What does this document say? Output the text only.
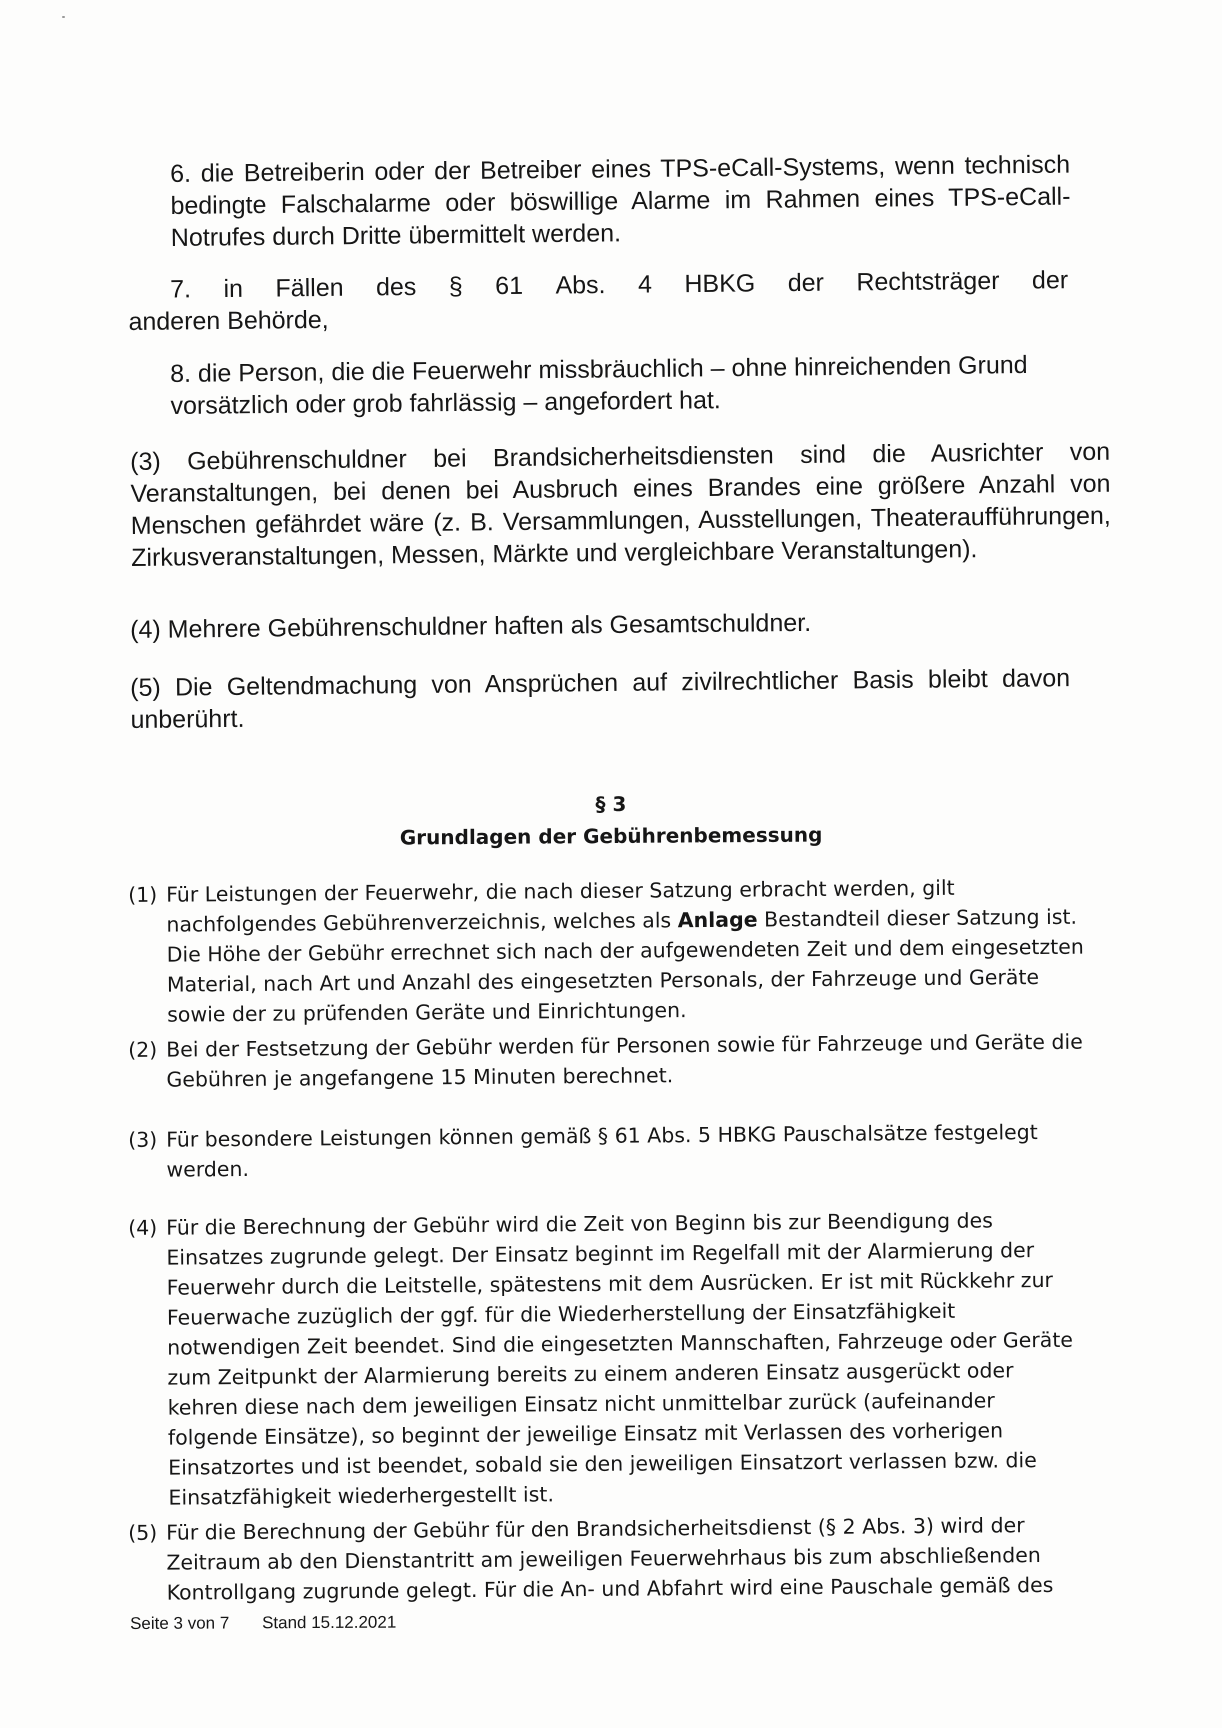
6. die Betreiberin oder der Betreiber eines TPS-eCall-Systems, wenn technisch bedingte Falschalarme oder böswillige Alarme im Rahmen eines TPS-eCall-Notrufes durch Dritte übermittelt werden.

7. in Fällen des § 61 Abs. 4 HBKG der Rechtsträger der
anderen Behörde,

8. die Person, die die Feuerwehr missbräuchlich – ohne hinreichenden Grund vorsätzlich oder grob fahrlässig – angefordert hat.

(3) Gebührenschuldner bei Brandsicherheitsdiensten sind die Ausrichter von Veranstaltungen, bei denen bei Ausbruch eines Brandes eine größere Anzahl von Menschen gefährdet wäre (z. B. Versammlungen, Ausstellungen, Theateraufführungen, Zirkusveranstaltungen, Messen, Märkte und vergleichbare Veranstaltungen).

(4) Mehrere Gebührenschuldner haften als Gesamtschuldner.

(5) Die Geltendmachung von Ansprüchen auf zivilrechtlicher Basis bleibt davon unberührt.

§ 3
Grundlagen der Gebührenbemessung
(1) Für Leistungen der Feuerwehr, die nach dieser Satzung erbracht werden, gilt nachfolgendes Gebührenverzeichnis, welches als Anlage Bestandteil dieser Satzung ist. Die Höhe der Gebühr errechnet sich nach der aufgewendeten Zeit und dem eingesetzten Material, nach Art und Anzahl des eingesetzten Personals, der Fahrzeuge und Geräte sowie der zu prüfenden Geräte und Einrichtungen.
(2) Bei der Festsetzung der Gebühr werden für Personen sowie für Fahrzeuge und Geräte die Gebühren je angefangene 15 Minuten berechnet.
(3) Für besondere Leistungen können gemäß § 61 Abs. 5 HBKG Pauschalsätze festgelegt werden.
(4) Für die Berechnung der Gebühr wird die Zeit von Beginn bis zur Beendigung des Einsatzes zugrunde gelegt. Der Einsatz beginnt im Regelfall mit der Alarmierung der Feuerwehr durch die Leitstelle, spätestens mit dem Ausrücken. Er ist mit Rückkehr zur Feuerwache zuzüglich der ggf. für die Wiederherstellung der Einsatzfähigkeit notwendigen Zeit beendet. Sind die eingesetzten Mannschaften, Fahrzeuge oder Geräte zum Zeitpunkt der Alarmierung bereits zu einem anderen Einsatz ausgerückt oder kehren diese nach dem jeweiligen Einsatz nicht unmittelbar zurück (aufeinander folgende Einsätze), so beginnt der jeweilige Einsatz mit Verlassen des vorherigen Einsatzortes und ist beendet, sobald sie den jeweiligen Einsatzort verlassen bzw. die Einsatzfähigkeit wiederhergestellt ist.
(5) Für die Berechnung der Gebühr für den Brandsicherheitsdienst (§ 2 Abs. 3) wird der Zeitraum ab den Dienstantritt am jeweiligen Feuerwehrhaus bis zum abschließenden Kontrollgang zugrunde gelegt. Für die An- und Abfahrt wird eine Pauschale gemäß des
Seite 3 von 7 Stand 15.12.2021
